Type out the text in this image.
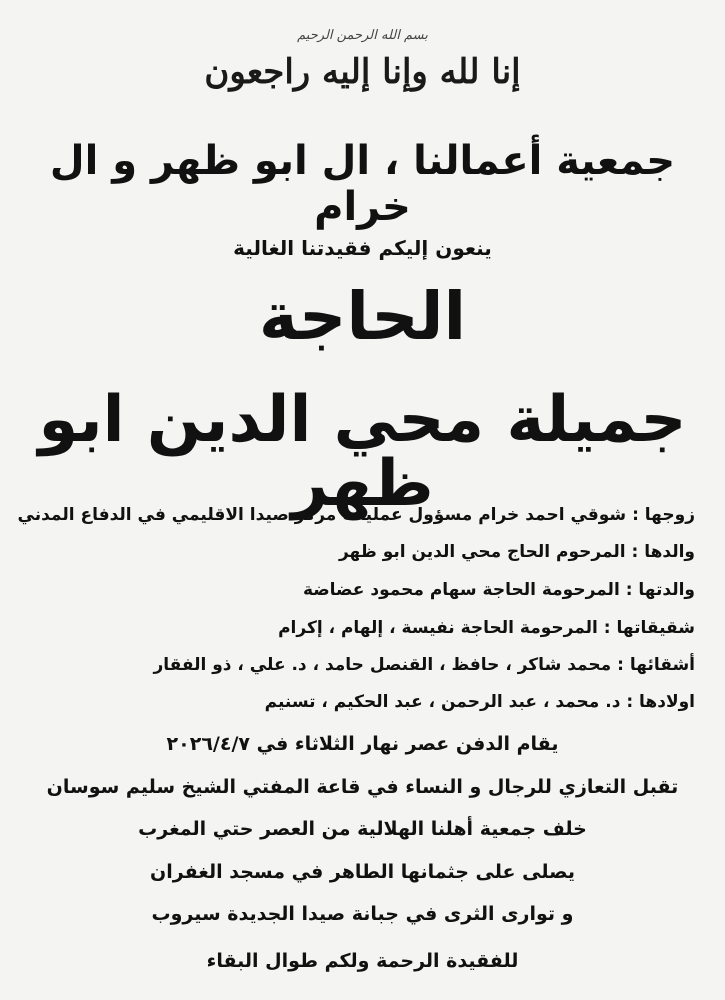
بسم الله الرحمن الرحيم
إنا لله وإنا إليه راجعون
جمعية أعمالنا ، ال ابو ظهر و ال خرام
ينعون إليكم فقيدتنا الغالية
الحاجة
جميلة محي الدين ابو ظهر
زوجها : شوقي احمد خرام مسؤول عمليات مركز صيدا الاقليمي في الدفاع المدني
والدها : المرحوم الحاج محي الدين ابو ظهر
والدتها : المرحومة الحاجة سهام محمود عضاضة
شقيقاتها : المرحومة الحاجة نفيسة ، إلهام ، إكرام
أشقائها : محمد شاكر ، حافظ ، القنصل حامد ، د. علي ، ذو الفقار
اولادها : د. محمد ، عبد الرحمن ، عبد الحكيم ، تسنيم
يقام الدفن عصر نهار الثلاثاء في ٢٠٢٦/٤/٧
تقبل التعازي للرجال و النساء في قاعة المفتي الشيخ سليم سوسان
خلف جمعية أهلنا الهلالية من العصر حتي المغرب
يصلى على جثمانها الطاهر في مسجد الغفران
و توارى الثرى في جبانة صيدا الجديدة سيروب
للفقيدة الرحمة ولكم طوال البقاء
